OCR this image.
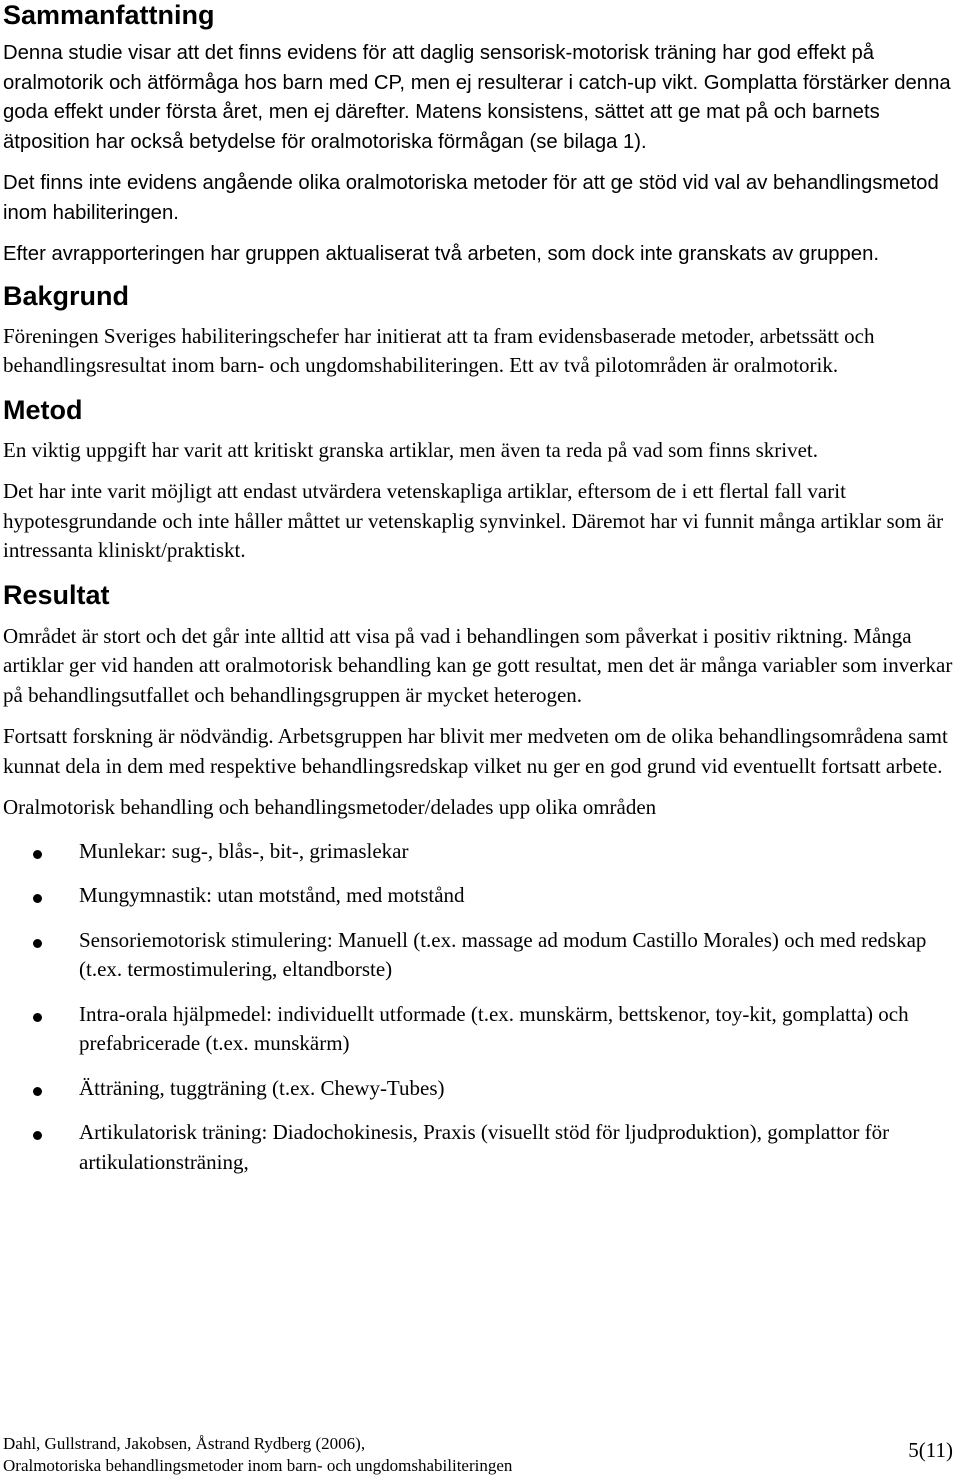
Sammanfattning

Denna studie visar att det finns evidens för att daglig sensorisk-motorisk träning har god effekt på oralmotorik och ätförmåga hos barn med CP, men ej resulterar i catch-up vikt. Gomplatta förstärker denna goda effekt under första året, men ej därefter. Matens konsistens, sättet att ge mat på och barnets ätposition har också betydelse för oralmotoriska förmågan (se bilaga 1).

Det finns inte evidens angående olika oralmotoriska metoder för att ge stöd vid val av behandlingsmetod inom habiliteringen.

Efter avrapporteringen har gruppen aktualiserat två arbeten, som dock inte granskats av gruppen.

Bakgrund

Föreningen Sveriges habiliteringschefer har initierat att ta fram evidensbaserade metoder, arbetssätt och behandlingsresultat inom barn- och ungdomshabiliteringen. Ett av två pilotområden är oralmotorik.

Metod

En viktig uppgift har varit att kritiskt granska artiklar, men även ta reda på vad som finns skrivet.

Det har inte varit möjligt att endast utvärdera vetenskapliga artiklar, eftersom de i ett flertal fall varit hypotesgrundande och inte håller måttet ur vetenskaplig synvinkel. Däremot har vi funnit många artiklar som är intressanta kliniskt/praktiskt.

Resultat

Området är stort och det går inte alltid att visa på vad i behandlingen som påverkat i positiv riktning. Många artiklar ger vid handen att oralmotorisk behandling kan ge gott resultat, men det är många variabler som inverkar på behandlingsutfallet och behandlingsgruppen är mycket heterogen.

Fortsatt forskning är nödvändig. Arbetsgruppen har blivit mer medveten om de olika behandlingsområdena samt kunnat dela in dem med respektive behandlingsredskap vilket nu ger en god grund vid eventuellt fortsatt arbete.

Oralmotorisk behandling och behandlingsmetoder/delades upp olika områden

Munlekar: sug-, blås-, bit-, grimaslekar
Mungymnastik: utan motstånd, med motstånd
Sensoriemotorisk stimulering: Manuell (t.ex. massage ad modum Castillo Morales) och med redskap (t.ex. termostimulering, eltandborste)
Intra-orala hjälpmedel: individuellt utformade (t.ex. munskärm, bettskenor, toy-kit, gomplatta) och prefabricerade (t.ex. munskärm)
Ätträning, tuggträning (t.ex. Chewy-Tubes)
Artikulatorisk träning: Diadochokinesis, Praxis (visuellt stöd för ljudproduktion), gomplattor för artikulationsträning,
Dahl, Gullstrand, Jakobsen, Åstrand Rydberg (2006),
Oralmotoriska behandlingsmetoder inom barn- och ungdomshabiliteringen
5(11)
